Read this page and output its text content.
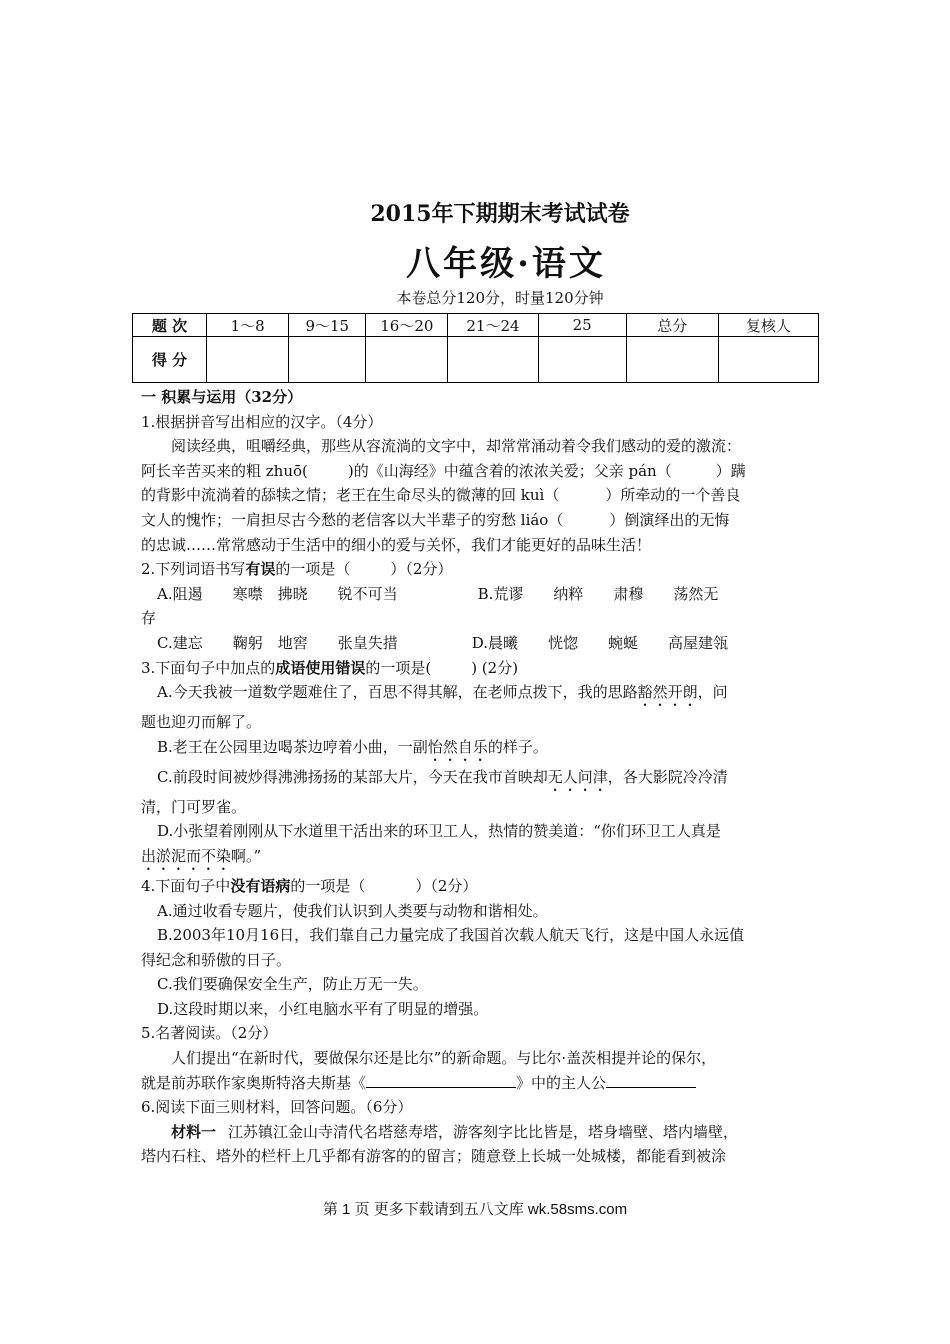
2015年下期期末考试试卷
八年级·语文
本卷总分120分，时量120分钟
题 次	1～8	9～15	16～20	21～24	25	总分	复核人
得 分							

一 积累与运用（32分）

1.根据拼音写出相应的汉字。（4分）

阅读经典，咀嚼经典，那些从容流淌的文字中，却常常涌动着令我们感动的爱的激流：

阿长辛苦买来的粗 zhuō(	)的《山海经》中蕴含着的浓浓关爱；父亲 pán（	）蹒

的背影中流淌着的舔犊之情；老王在生命尽头的微薄的回 kuì（	）所牵动的一个善良

文人的愧怍；一肩担尽古今愁的老信客以大半辈子的穷愁 liáo（	）倒演绎出的无悔

的忠诚……常常感动于生活中的细小的爱与关怀，我们才能更好的品味生活！

2.下列词语书写有误的一项是（	）（2分）

A.阻遏　　寒噤　拂晓　　锐不可当	B.荒谬　　纳粹　　肃穆　　荡然无

存

C.建忘　　鞠躬　地窖　　张皇失措	D.晨曦　　恍惚　　蜿蜒　　高屋建瓴

3.下面句子中加点的成语使用错误的一项是(	) (2分)

A.今天我被一道数学题难住了，百思不得其解，在老师点拨下，我的思路豁然开朗，问

题也迎刃而解了。

B.老王在公园里边喝茶边哼着小曲，一副怡然自乐的样子。

C.前段时间被炒得沸沸扬扬的某部大片，今天在我市首映却无人问津，各大影院冷冷清

清，门可罗雀。

D.小张望着刚刚从下水道里干活出来的环卫工人，热情的赞美道：“你们环卫工人真是

出淤泥而不染啊。”

4.下面句子中没有语病的一项是（	）（2分）

A.通过收看专题片，使我们认识到人类要与动物和谐相处。

B.2003年10月16日，我们靠自己力量完成了我国首次载人航天飞行，这是中国人永远值

得纪念和骄傲的日子。

C.我们要确保安全生产，防止万无一失。

D.这段时期以来，小红电脑水平有了明显的增强。

5.名著阅读。（2分）

人们提出“在新时代，要做保尔还是比尔”的新命题。与比尔·盖茨相提并论的保尔，

就是前苏联作家奥斯特洛夫斯基《	》中的主人公

6.阅读下面三则材料，回答问题。（6分）

材料一 江苏镇江金山寺清代名塔慈寿塔，游客刻字比比皆是，塔身墙壁、塔内墙壁，

塔内石柱、塔外的栏杆上几乎都有游客的的留言；随意登上长城一处城楼，都能看到被涂

第 1 页 更多下载请到五八文库 wk.58sms.com
